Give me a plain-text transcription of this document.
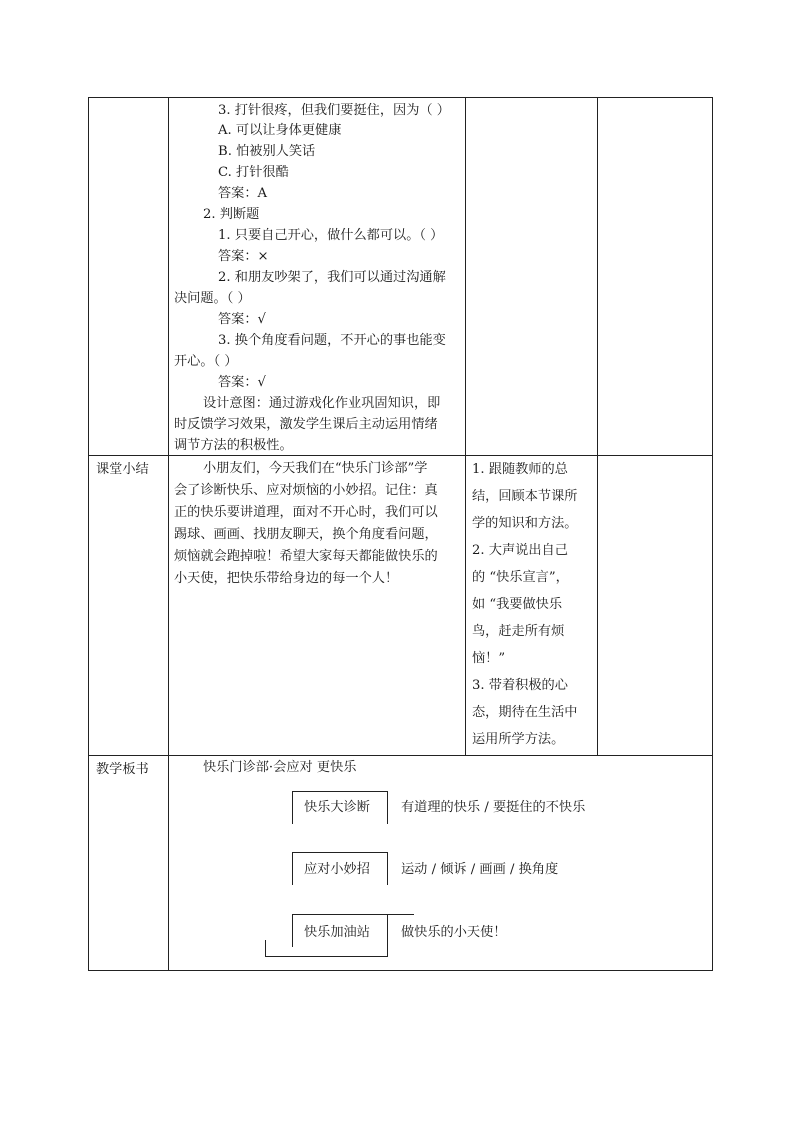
3. 打针很疼，但我们要挺住，因为（ ）
A. 可以让身体更健康
B. 怕被别人笑话
C. 打针很酷
答案：A
2. 判断题
1. 只要自己开心，做什么都可以。（ ）
答案：×
2. 和朋友吵架了，我们可以通过沟通解
决问题。（ ）
答案：√
3. 换个角度看问题，不开心的事也能变
开心。（ ）
答案：√
设计意图：通过游戏化作业巩固知识，即
时反馈学习效果，激发学生课后主动运用情绪
调节方法的积极性。
课堂小结	小朋友们，今天我们在“快乐门诊部”学
会了诊断快乐、应对烦恼的小妙招。记住：真
正的快乐要讲道理，面对不开心时，我们可以
踢球、画画、找朋友聊天，换个角度看问题，
烦恼就会跑掉啦！希望大家每天都能做快乐的
小天使，把快乐带给身边的每一个人！
1. 跟随教师的总
结，回顾本节课所
学的知识和方法。
2. 大声说出自己
的 “快乐宣言”，
如 “我要做快乐
鸟，赶走所有烦
恼！”
3. 带着积极的心
态，期待在生活中
运用所学方法。
教学板书	快乐门诊部·会应对 更快乐
快乐大诊断 有道理的快乐 / 要挺住的不快乐
应对小妙招 运动 / 倾诉 / 画画 / 换角度
快乐加油站 做快乐的小天使！
